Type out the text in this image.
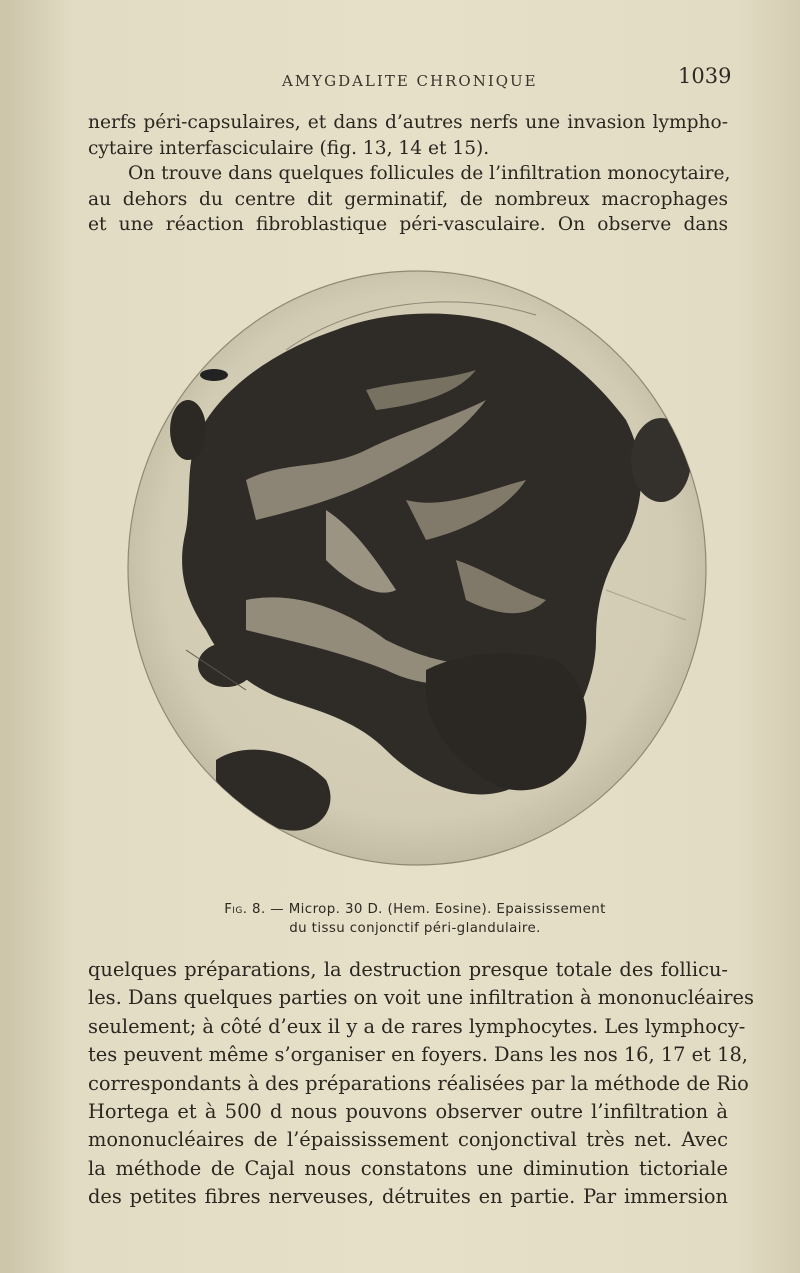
AMYGDALITE CHRONIQUE	1039
nerfs péri-capsulaires, et dans d’autres nerfs une invasion lympho-
cytaire interfasciculaire (fig. 13, 14 et 15).
On trouve dans quelques follicules de l’infiltration monocytaire,
au dehors du centre dit germinatif, de nombreux macrophages
et une réaction fibroblastique péri-vasculaire. On observe dans
Fig. 8. — Microp. 30 D. (Hem. Eosine). Epaississement
du tissu conjonctif péri-glandulaire.
quelques préparations, la destruction presque totale des follicu-
les. Dans quelques parties on voit une infiltration à mononucléaires
seulement; à côté d’eux il y a de rares lymphocytes. Les lymphocy-
tes peuvent même s’organiser en foyers. Dans les nos 16, 17 et 18,
correspondants à des préparations réalisées par la méthode de Rio
Hortega et à 500 d nous pouvons observer outre l’infiltration à
mononucléaires de l’épaississement conjonctival très net. Avec
la méthode de Cajal nous constatons une diminution tictoriale
des petites fibres nerveuses, détruites en partie. Par immersion
